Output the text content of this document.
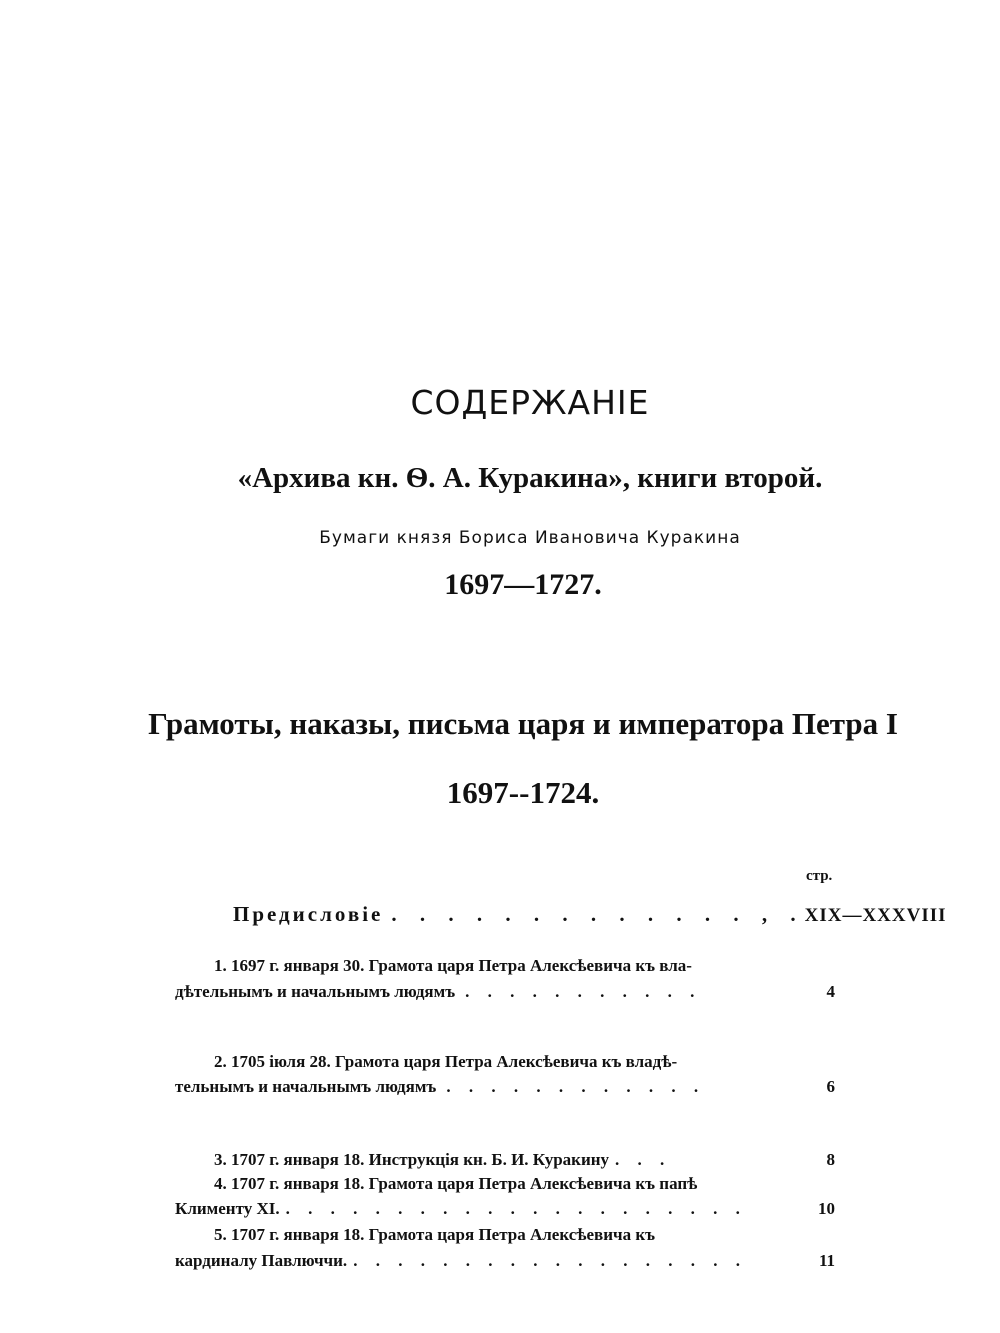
СОДЕРЖАНІЕ
«Архива кн. Ѳ. А. Куракина», книги второй.
Бумаги князя Бориса Ивановича Куракина
1697—1727.
Грамоты, наказы, письма царя и императора Петра I
1697--1724.
стр.
Предисловіе . . . . . . . . . . . . . , . XIX—XXXVIII
1. 1697 г. января 30. Грамота царя Петра Алексѣевича къ вла-
дѣтельнымъ и начальнымъ людямъ . . . . . . . . . . .	4
2. 1705 іюля 28. Грамота царя Петра Алексѣевича къ владѣ-
тельнымъ и начальнымъ людямъ . . . . . . . . . . . .	6
3. 1707 г. января 18. Инструкція кн. Б. И. Куракину . . .	8
4. 1707 г. января 18. Грамота царя Петра Алексѣевича къ папѣ
Клименту XI. . . . . . . . . . . . . . . . . . . . . .	10
5. 1707 г. января 18. Грамота царя Петра Алексѣевича къ
кардиналу Павлюччи. . . . . . . . . . . . . . . . . . .	11
